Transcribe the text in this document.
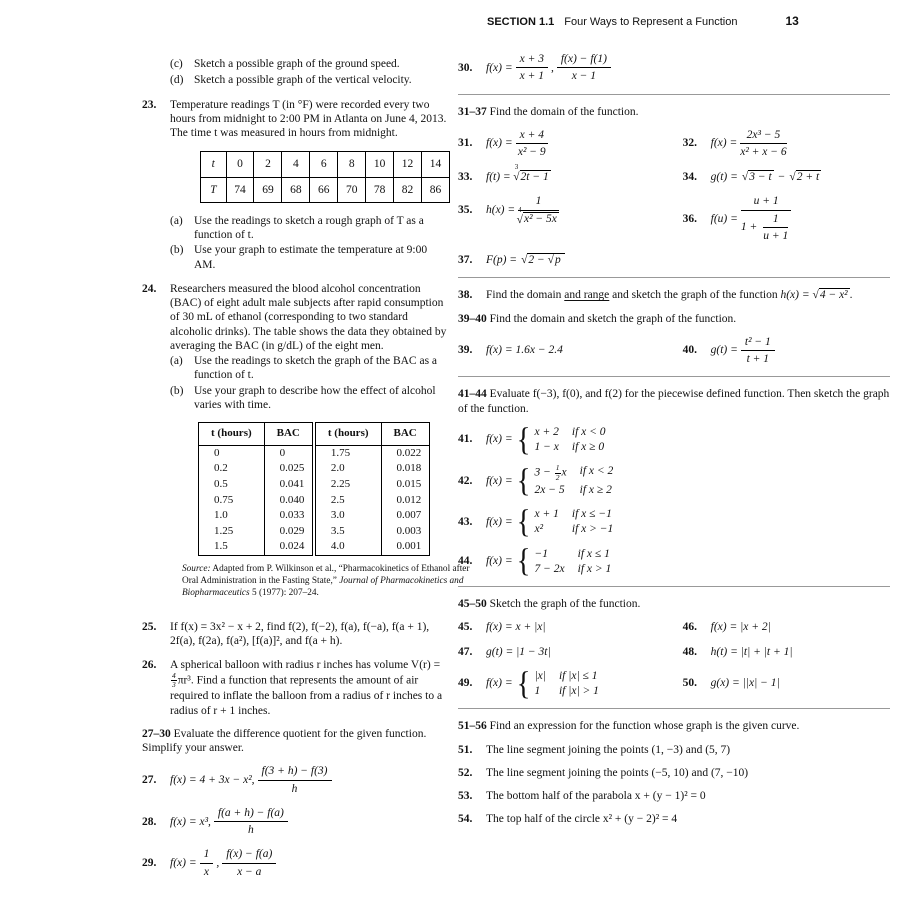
SECTION 1.1 Four Ways to Represent a Function	13
(c) Sketch a possible graph of the ground speed.
(d) Sketch a possible graph of the vertical velocity.
23.	Temperature readings T (in °F) were recorded every two hours from midnight to 2:00 PM in Atlanta on June 4, 2013. The time t was measured in hours from midnight.
t	0	2	4	6	8	10	12	14
T	74	69	68	66	70	78	82	86
(a) Use the readings to sketch a rough graph of T as a function of t.
(b) Use your graph to estimate the temperature at 9:00 AM.
24.	Researchers measured the blood alcohol concentration (BAC) of eight adult male subjects after rapid consumption of 30 mL of ethanol (corresponding to two standard alcoholic drinks). The table shows the data they obtained by averaging the BAC (in g/dL) of the eight men.
(a) Use the readings to sketch the graph of the BAC as a function of t.
(b) Use your graph to describe how the effect of alcohol varies with time.
t (hours)	BAC	t (hours)	BAC
0	0	1.75	0.022
0.2	0.025	2.0	0.018
0.5	0.041	2.25	0.015
0.75	0.040	2.5	0.012
1.0	0.033	3.0	0.007
1.25	0.029	3.5	0.003
1.5	0.024	4.0	0.001
Source: Adapted from P. Wilkinson et al., “Pharmacokinetics of Ethanol after Oral Administration in the Fasting State,” Journal of Pharmacokinetics and Biopharmaceutics 5 (1977): 207–24.
25.	If f(x) = 3x² − x + 2, find f(2), f(−2), f(a), f(−a), f(a + 1), 2f(a), f(2a), f(a²), [f(a)]², and f(a + h).
26.	A spherical balloon with radius r inches has volume V(r) =
$\frac{4}{3} \pi r^3$. Find a function that represents the amount of air required to inflate the balloon from a radius of r inches to a radius of r + 1 inches.
27–30 Evaluate the difference quotient for the given function. Simplify your answer.
27.	f(x) = 4 + 3x − x², $\frac{f(3 + h) - f(3)}{h}$
28.	f(x) = x³, $\frac{f(a + h) - f(a)}{h}$
29.	$f(x) = \frac{1}{x}$ , $\frac{f(x) - f(a)}{x - a}$
30.	$f(x) = \frac{x + 3}{x + 1}$ , $\frac{f(x) - f(1)}{x - 1}$
31–37 Find the domain of the function.
31.	$f(x) = \frac{x + 4}{\text{x² − 9}}$	32.	$f(x) = \frac{\text{2x³ − 5}}{\text{x² + x − 6}}$
33.	f(t) =
$^3$√2t − 1	34.	g(t) = √3 − t − √2 + t
35.	$h(x) = \frac{1}{^4√x^2 - 5x}$	36.	$f(u) = \frac{u + 1}{1 + \frac{1}{u + 1}}$
37.	F(p) = √2 − √p
38.	Find the domain and range and sketch the graph of the function h(x) = √4 − x² .
39–40 Find the domain and sketch the graph of the function.
39.	f(x) = 1.6x − 2.4	40.	$g(t) = \frac{\text{t² − 1}}{t + 1}$
41–44 Evaluate f(−3), f(0), and f(2) for the piecewise defined function. Then sketch the graph of the function.
41.	f(x) = { x + 2 if x < 0
1 − x if x ≥ 0
42.	f(x) = { $3 - \frac{1}{2}$ x if x < 2
2x − 5 if x ≥ 2
43.	f(x) = { x + 1 if x ≤ −1
x²	if x > −1
44.	f(x) = { −1	if x ≤ 1
7 − 2x if x > 1
45–50 Sketch the graph of the function.
45.	f(x) = x + |x|	46.	f(x) = |x + 2|
47.	g(t) = |1 − 3t|	48.	h(t) = |t| + |t + 1|
49.	f(x) = { |x| if |x| ≤ 1
1	if |x| > 1
50.	g(x) = ||x| − 1|
51–56 Find an expression for the function whose graph is the given curve.
51.	The line segment joining the points (1, −3) and (5, 7)
52.	The line segment joining the points (−5, 10) and (7, −10)
53.	The bottom half of the parabola x + (y − 1)² = 0
54.	The top half of the circle x² + (y − 2)² = 4
